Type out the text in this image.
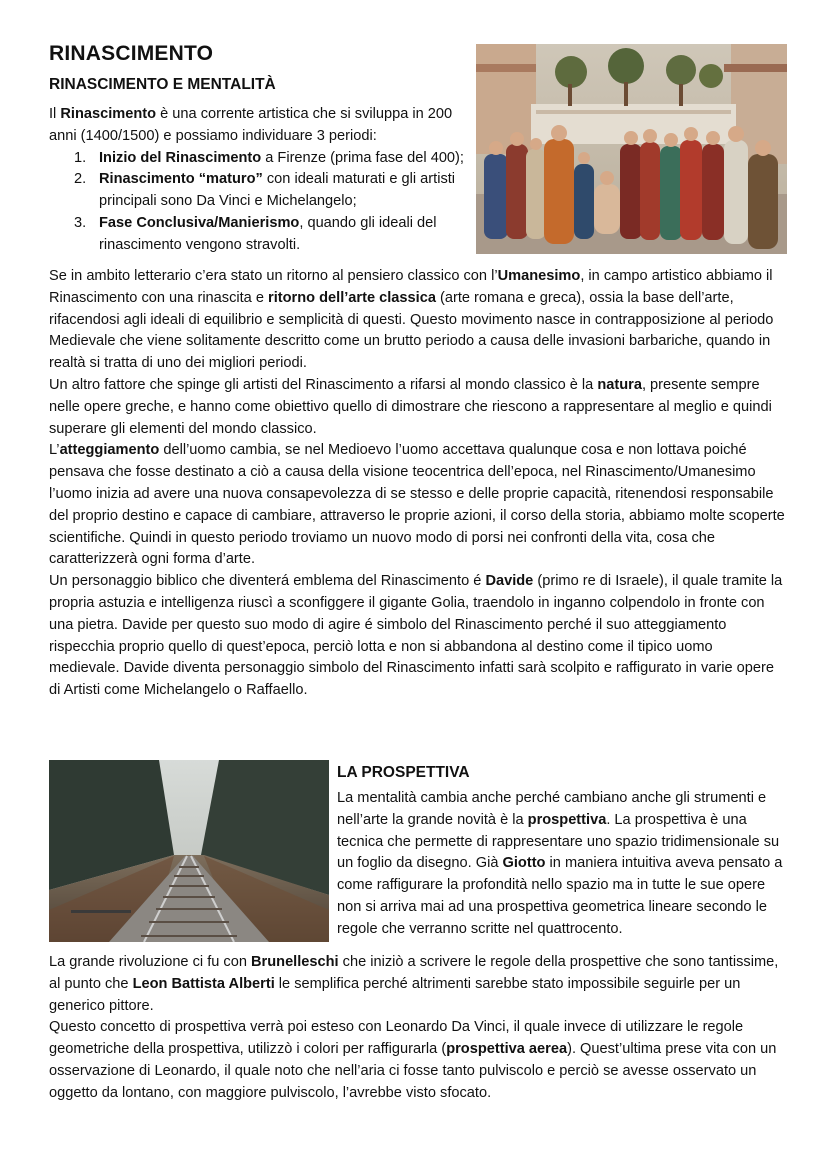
RINASCIMENTO
RINASCIMENTO E MENTALITÀ

Il Rinascimento è una corrente artistica che si sviluppa in 200 anni (1400/1500) e possiamo individuare 3 periodi:

1. Inizio del Rinascimento a Firenze (prima fase del 400);
2. Rinascimento “maturo” con ideali maturati e gli artisti principali sono Da Vinci e Michelangelo;
3. Fase Conclusiva/Manierismo, quando gli ideali del rinascimento vengono stravolti.

Se in ambito letterario c’era stato un ritorno al pensiero classico con l’Umanesimo, in campo artistico abbiamo il Rinascimento con una rinascita e ritorno dell’arte classica (arte romana e greca), ossia la base dell’arte, rifacendosi agli ideali di equilibrio e semplicità di questi. Questo movimento nasce in contrapposizione al periodo Medievale che viene solitamente descritto come un brutto periodo a causa delle invasioni barbariche, quando in realtà si tratta di uno dei migliori periodi.

Un altro fattore che spinge gli artisti del Rinascimento a rifarsi al mondo classico è la natura, presente sempre nelle opere greche, e hanno come obiettivo quello di dimostrare che riescono a rappresentare al meglio e quindi superare gli elementi del mondo classico.

L’atteggiamento dell’uomo cambia, se nel Medioevo l’uomo accettava qualunque cosa e non lottava poiché pensava che fosse destinato a ciò a causa della visione teocentrica dell’epoca, nel Rinascimento/Umanesimo l’uomo inizia ad avere una nuova consapevolezza di se stesso e delle proprie capacità, ritenendosi responsabile del proprio destino e capace di cambiare, attraverso le proprie azioni, il corso della storia, abbiamo molte scoperte scientifiche. Quindi in questo periodo troviamo un nuovo modo di porsi nei confronti della vita, cosa che caratterizzerà ogni forma d’arte.

Un personaggio biblico che diventerá emblema del Rinascimento é Davide (primo re di Israele), il quale tramite la propria astuzia e intelligenza riuscì a sconfiggere il gigante Golia, traendolo in inganno colpendolo in fronte con una pietra. Davide per questo suo modo di agire é simbolo del Rinascimento perché il suo atteggiamento rispecchia proprio quello di quest’epoca, perciò lotta e non si abbandona al destino come il tipico uomo medievale. Davide diventa personaggio simbolo del Rinascimento infatti sarà scolpito e raffigurato in varie opere di Artisti come Michelangelo o Raffaello.

LA PROSPETTIVA

La mentalità cambia anche perché cambiano anche gli strumenti e nell’arte la grande novità è la prospettiva. La prospettiva è una tecnica che permette di rappresentare uno spazio tridimensionale su un foglio da disegno. Già Giotto in maniera intuitiva aveva pensato a come raffigurare la profondità nello spazio ma in tutte le sue opere non si arriva mai ad una prospettiva geometrica lineare secondo le regole che verranno scritte nel quattrocento.

La grande rivoluzione ci fu con Brunelleschi che iniziò a scrivere le regole della prospettive che sono tantissime, al punto che Leon Battista Alberti le semplifica perché altrimenti sarebbe stato impossibile seguirle per un generico pittore.

Questo concetto di prospettiva verrà poi esteso con Leonardo Da Vinci, il quale invece di utilizzare le regole geometriche della prospettiva, utilizzò i colori per raffigurarla (prospettiva aerea). Quest’ultima prese vita con un osservazione di Leonardo, il quale noto che nell’aria ci fosse tanto pulviscolo e perciò se avesse osservato un oggetto da lontano, con maggiore pulviscolo, l’avrebbe visto sfocato.
